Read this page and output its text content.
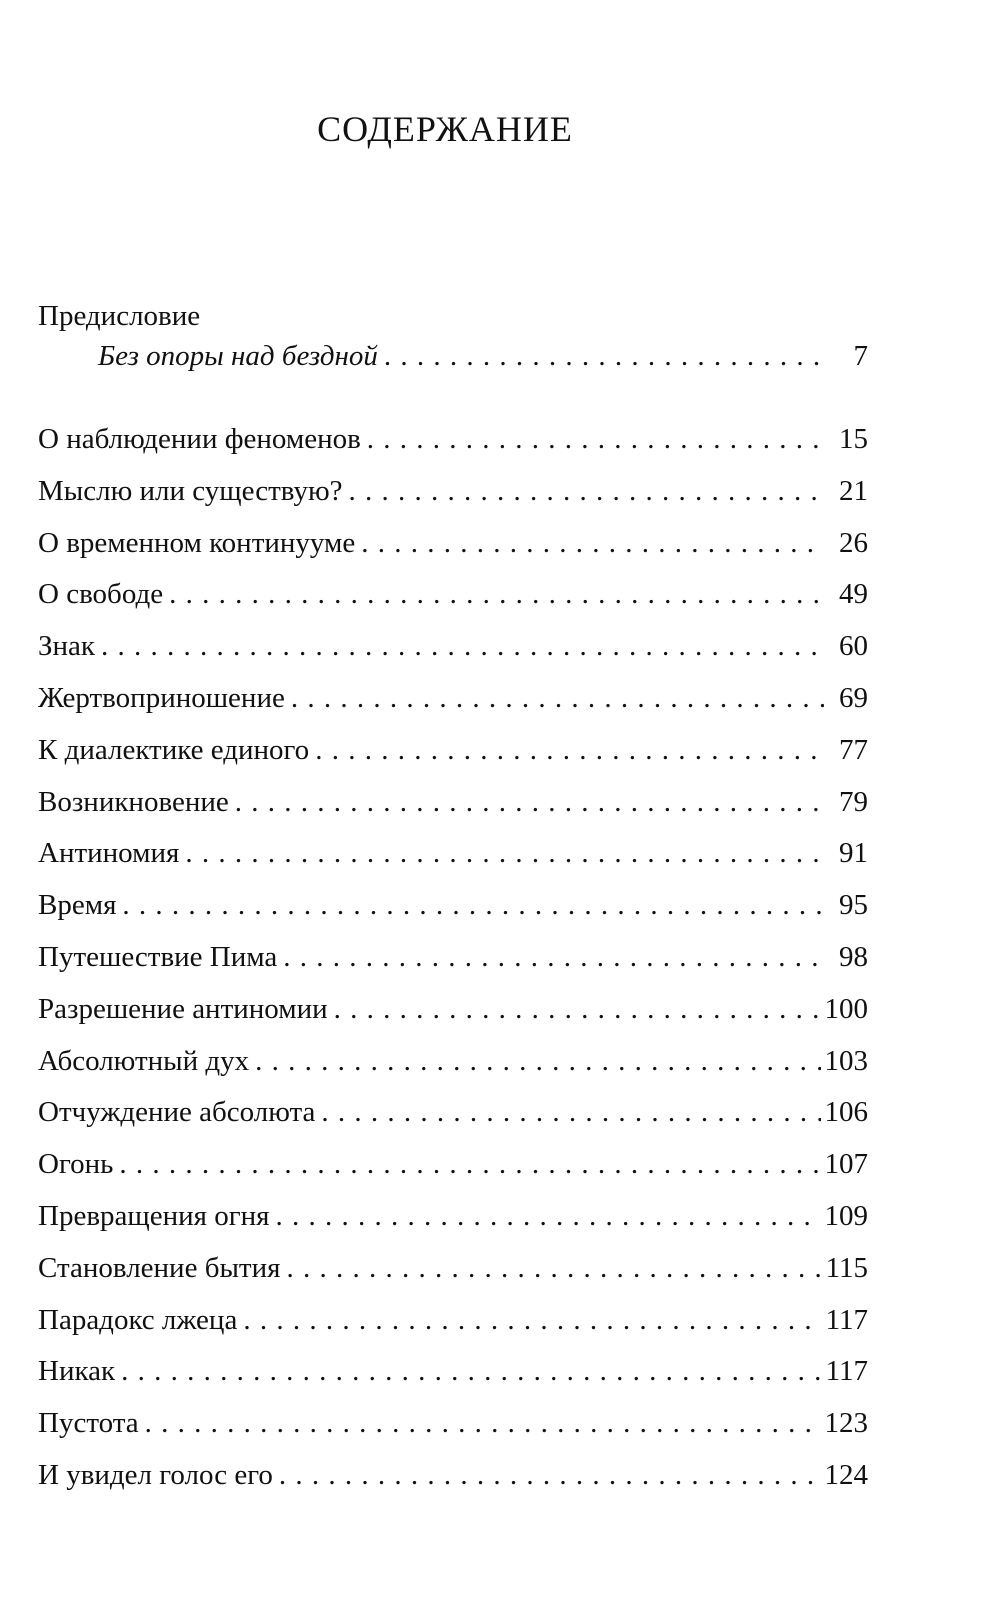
СОДЕРЖАНИЕ
Предисловие
Без опоры над бездной . . .	7
О наблюдении феноменов . . .	15
Мыслю или существую? . . .	21
О временном континууме . . .	26
О свободе . . .	49
Знак . . .	60
Жертвоприношение . . .	69
К диалектике единого . . .	77
Возникновение . . .	79
Антиномия . . .	91
Время . . .	95
Путешествие Пима . . .	98
Разрешение антиномии . . .	100
Абсолютный дух . . .	103
Отчуждение абсолюта . . .	106
Огонь . . .	107
Превращения огня . . .	109
Становление бытия . . .	115
Парадокс лжеца . . .	117
Никак . . .	117
Пустота . . .	123
И увидел голос его . . .	124
